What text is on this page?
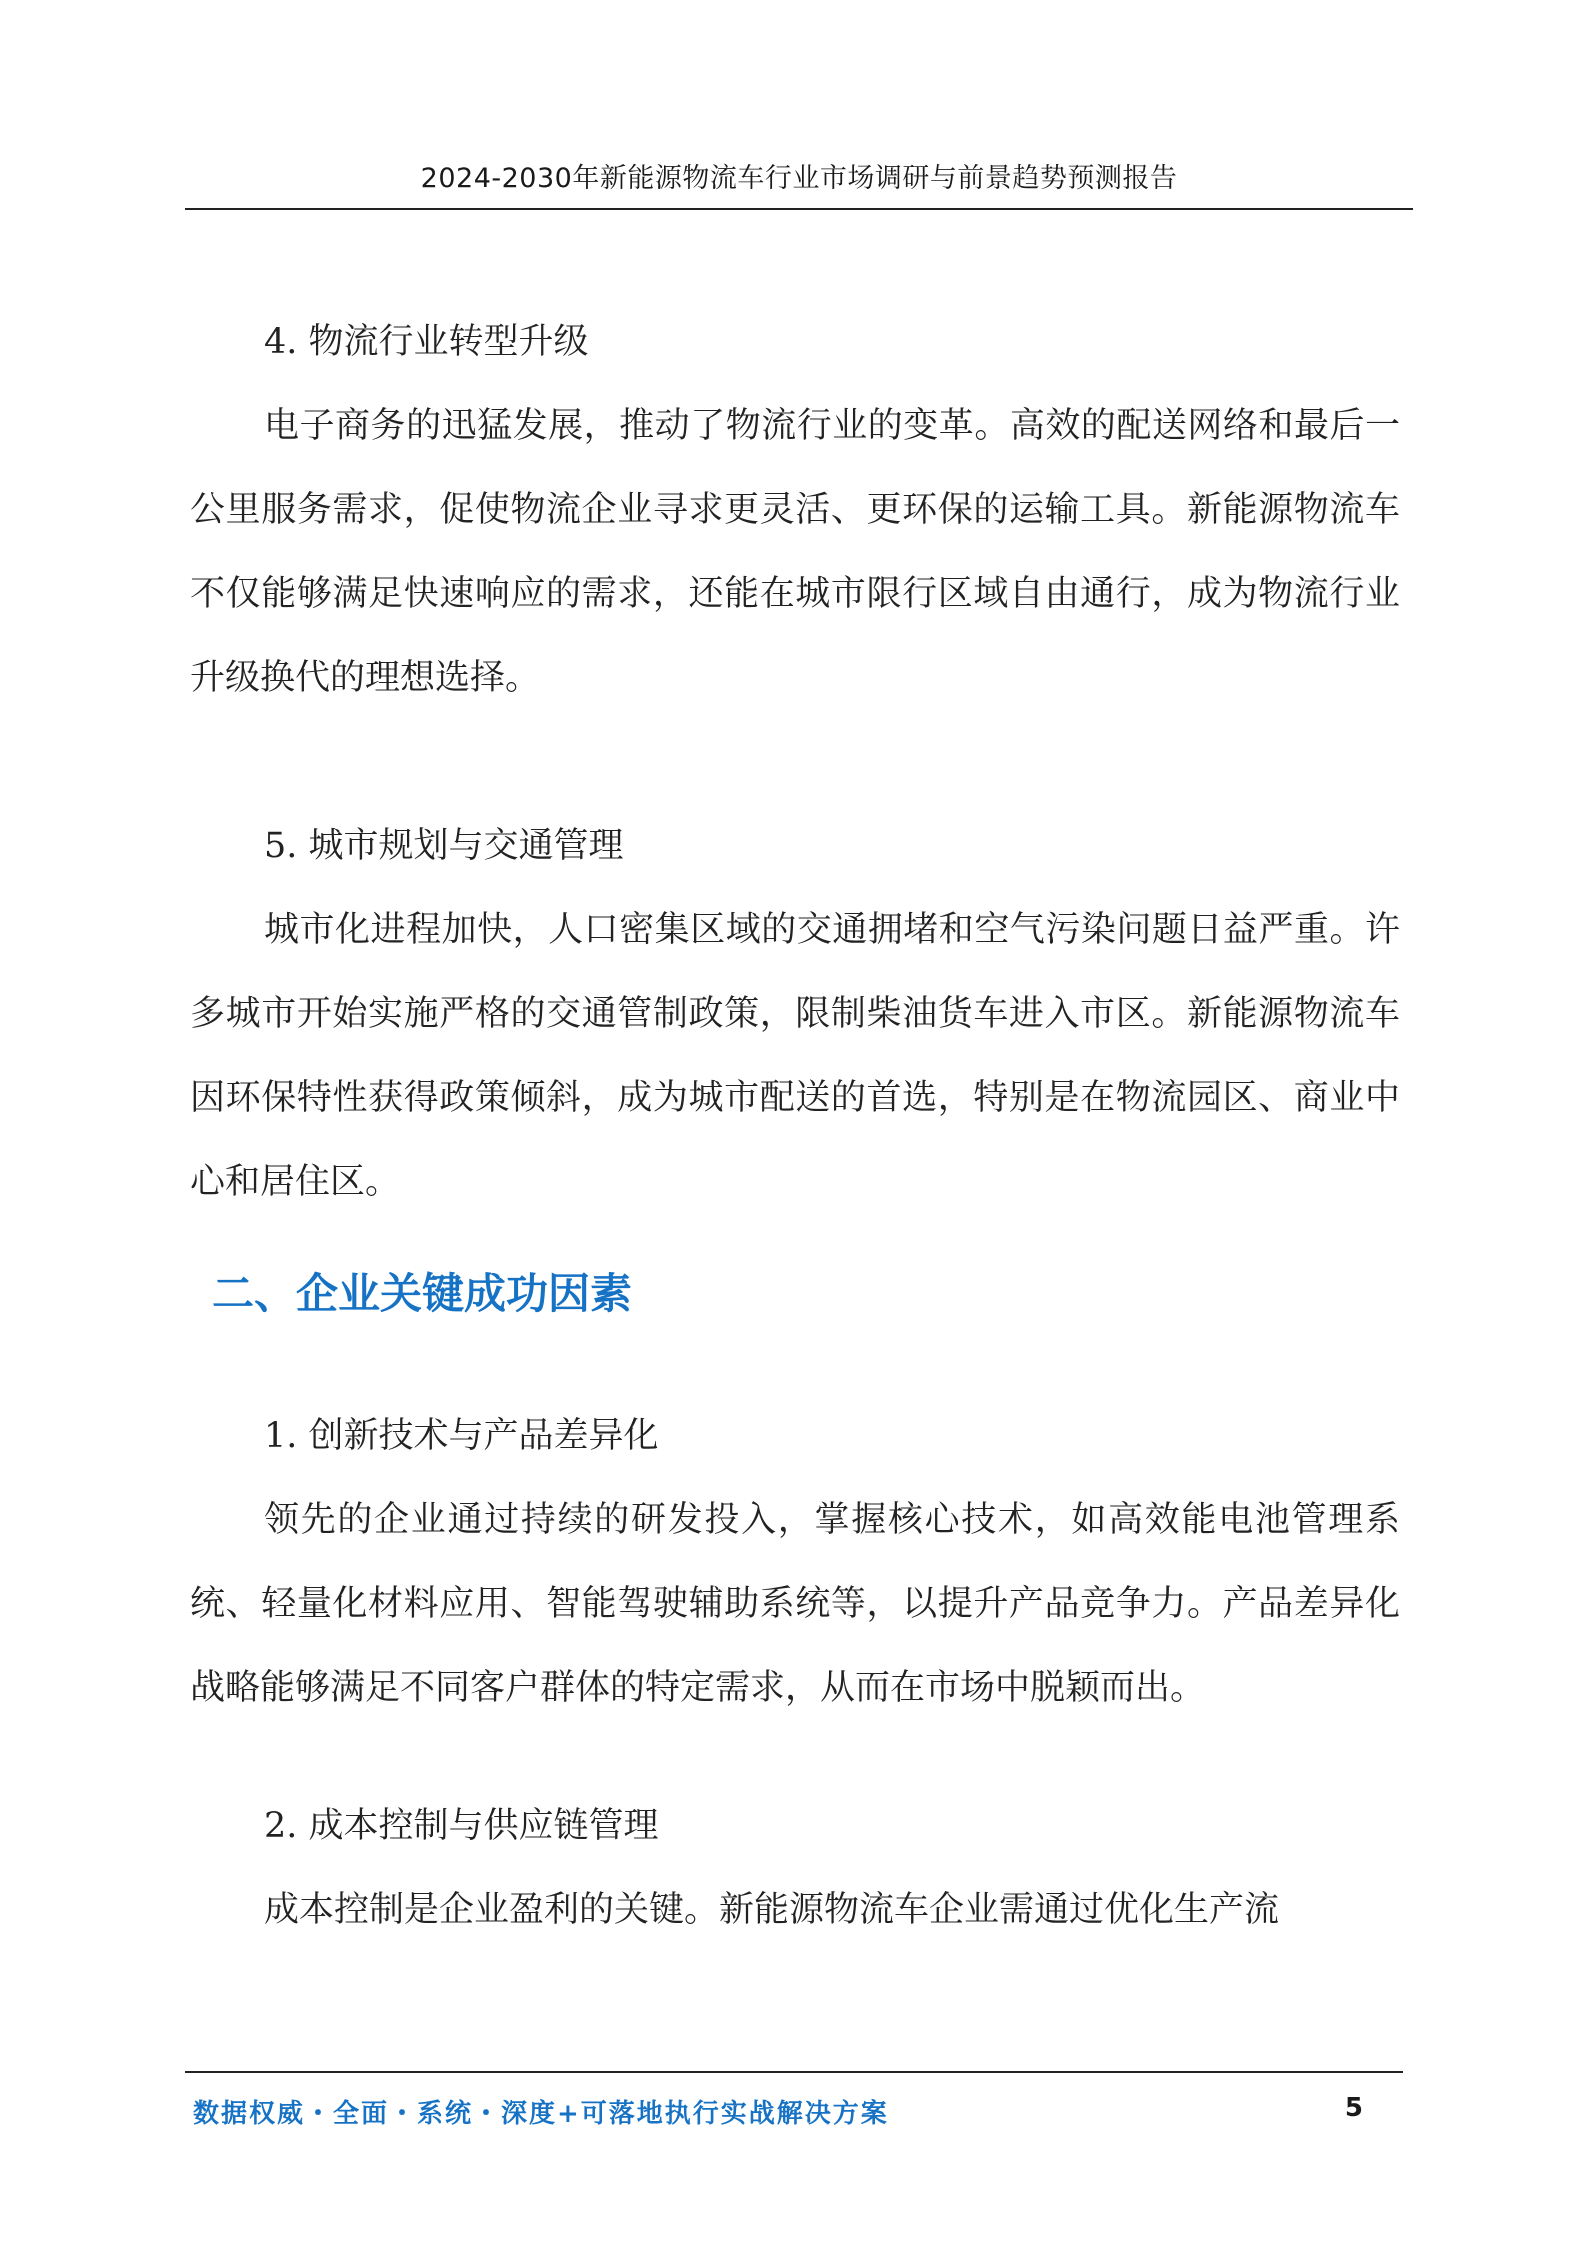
2024-2030年新能源物流车行业市场调研与前景趋势预测报告
4. 物流行业转型升级

电子商务的迅猛发展，推动了物流行业的变革。高效的配送网络和最后一公里服务需求，促使物流企业寻求更灵活、更环保的运输工具。新能源物流车不仅能够满足快速响应的需求，还能在城市限行区域自由通行，成为物流行业升级换代的理想选择。

5. 城市规划与交通管理

城市化进程加快，人口密集区域的交通拥堵和空气污染问题日益严重。许多城市开始实施严格的交通管制政策，限制柴油货车进入市区。新能源物流车因环保特性获得政策倾斜，成为城市配送的首选，特别是在物流园区、商业中心和居住区。

二、企业关键成功因素
1. 创新技术与产品差异化

领先的企业通过持续的研发投入，掌握核心技术，如高效能电池管理系统、轻量化材料应用、智能驾驶辅助系统等，以提升产品竞争力。产品差异化战略能够满足不同客户群体的特定需求，从而在市场中脱颖而出。

2. 成本控制与供应链管理

成本控制是企业盈利的关键。新能源物流车企业需通过优化生产流

数据权威・全面・系统・深度+可落地执行实战解决方案	5
